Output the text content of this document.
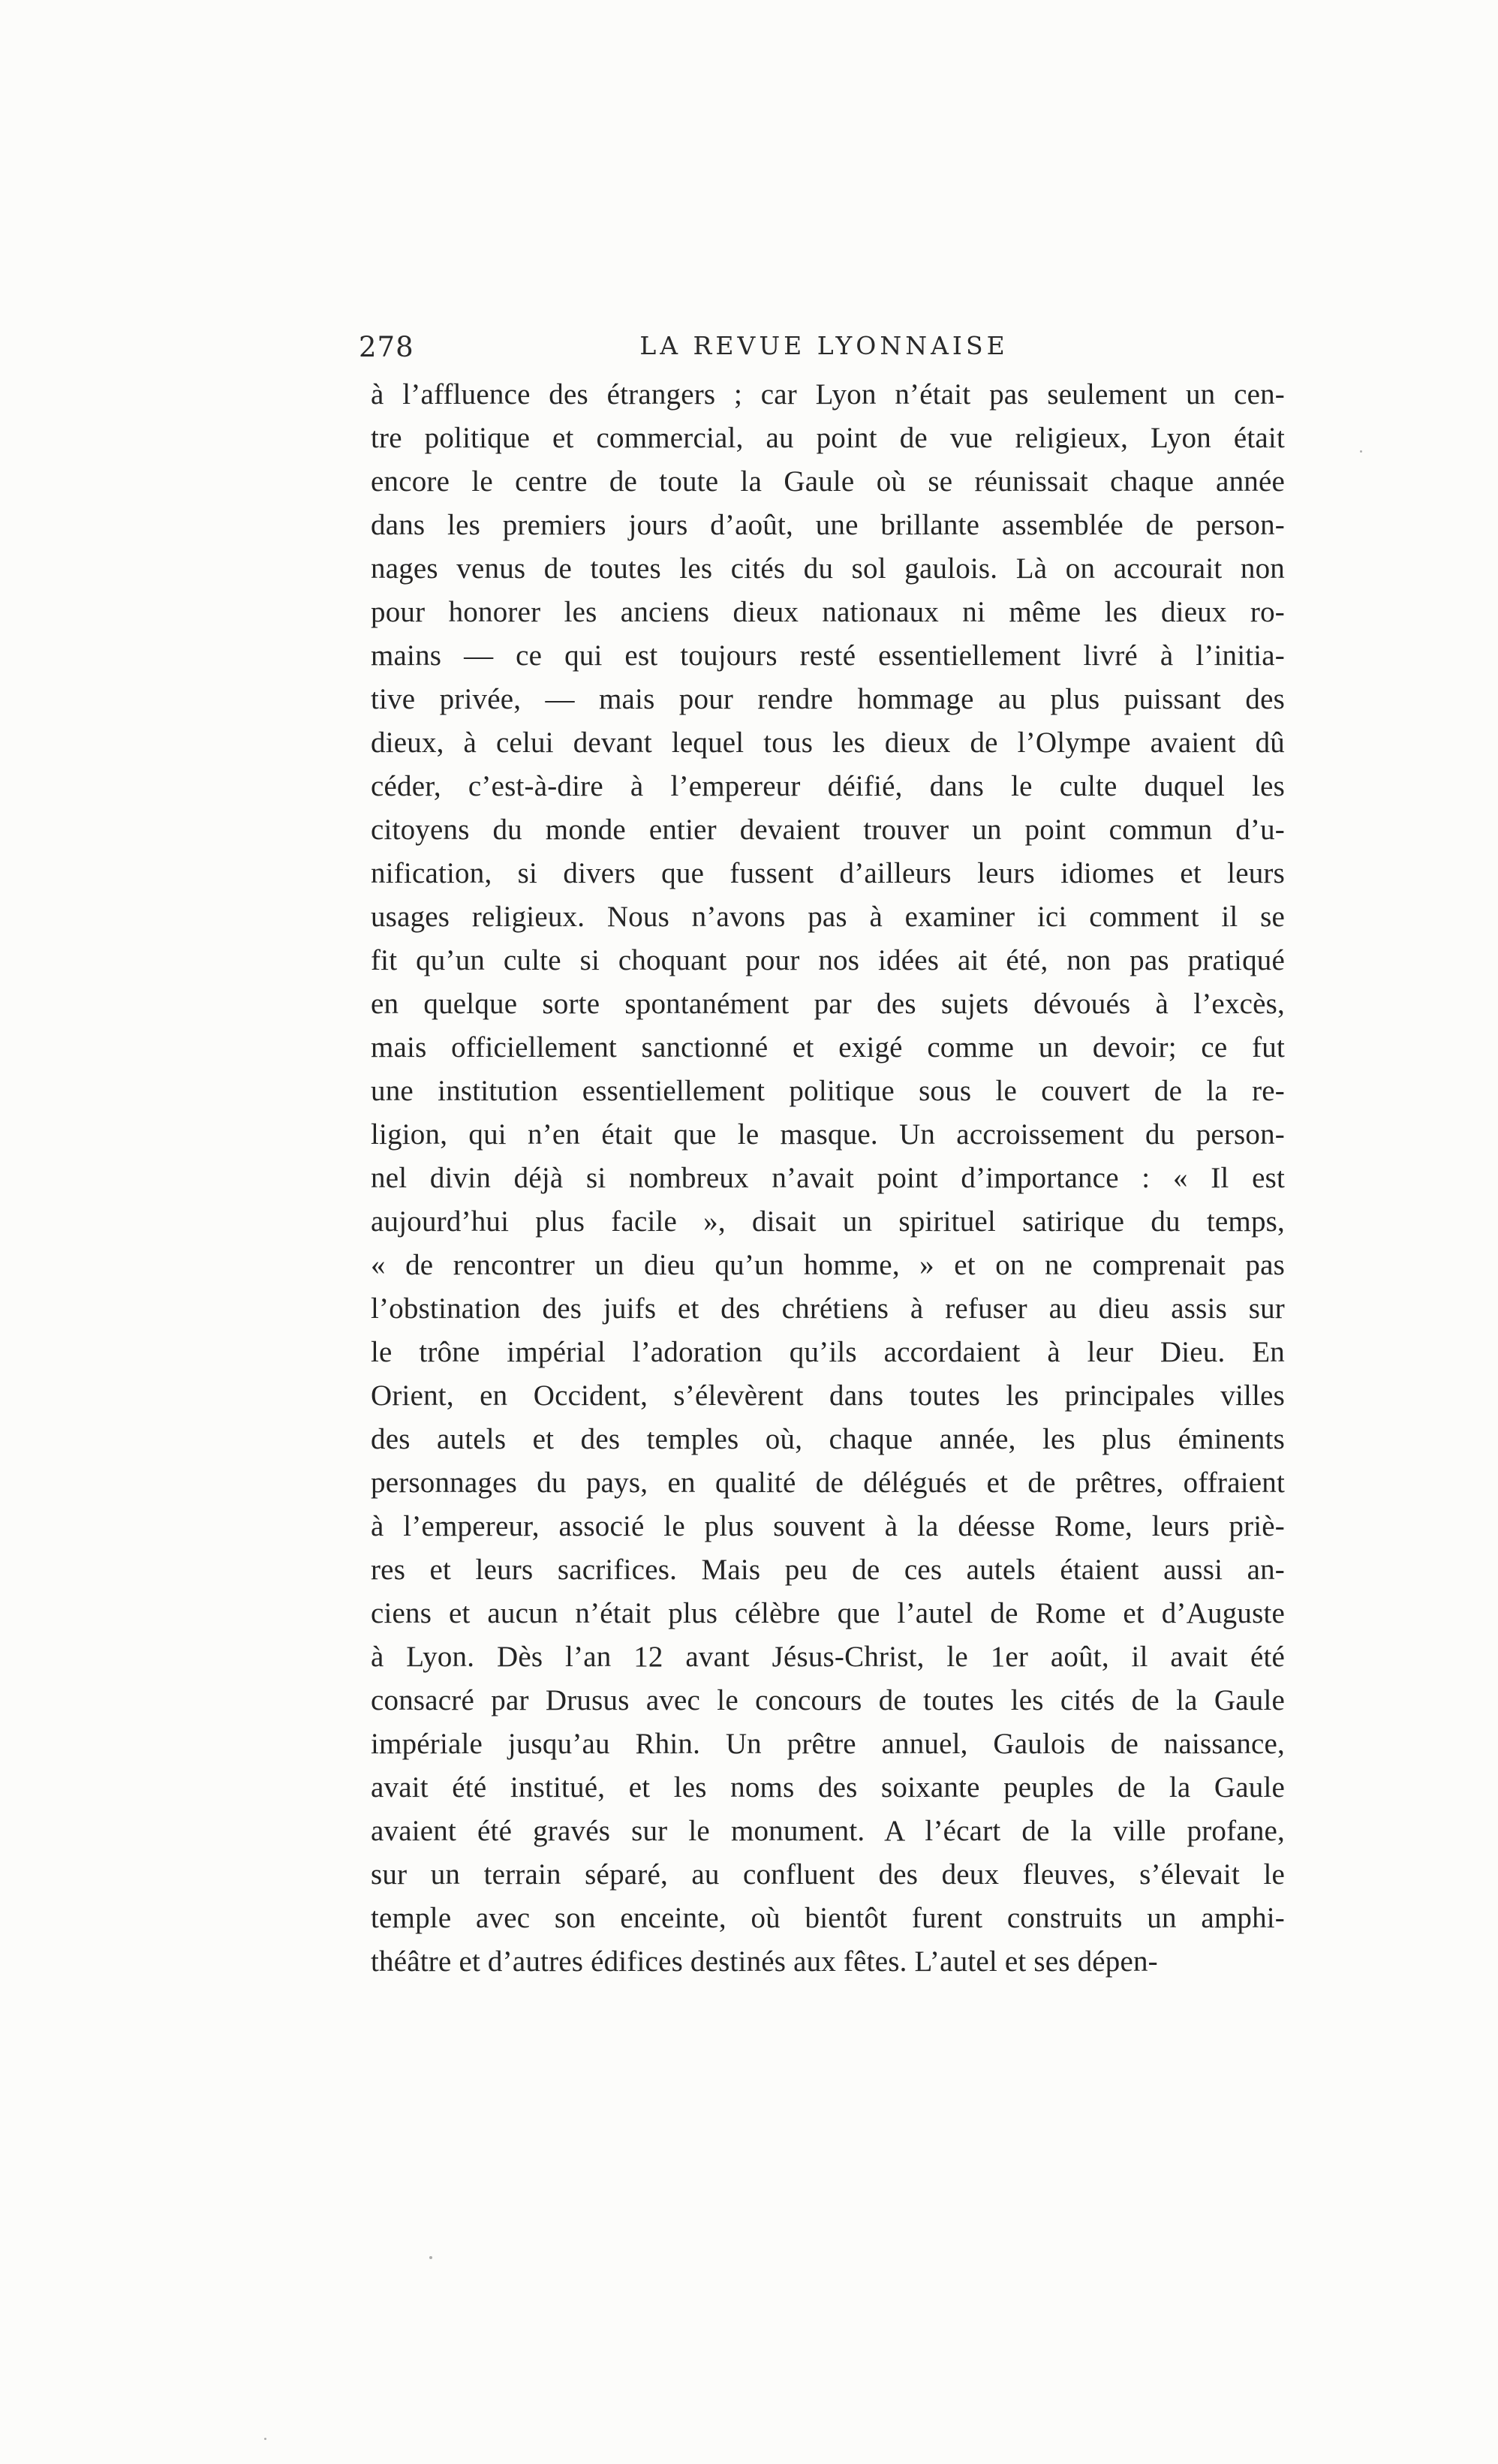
278	LA REVUE LYONNAISE
à l’affluence des étrangers ; car Lyon n’était pas seulement un cen-
tre politique et commercial, au point de vue religieux, Lyon était
encore le centre de toute la Gaule où se réunissait chaque année
dans les premiers jours d’août, une brillante assemblée de person-
nages venus de toutes les cités du sol gaulois. Là on accourait non
pour honorer les anciens dieux nationaux ni même les dieux ro-
mains — ce qui est toujours resté essentiellement livré à l’initia-
tive privée, — mais pour rendre hommage au plus puissant des
dieux, à celui devant lequel tous les dieux de l’Olympe avaient dû
céder, c’est-à-dire à l’empereur déifié, dans le culte duquel les
citoyens du monde entier devaient trouver un point commun d’u-
nification, si divers que fussent d’ailleurs leurs idiomes et leurs
usages religieux. Nous n’avons pas à examiner ici comment il se
fit qu’un culte si choquant pour nos idées ait été, non pas pratiqué
en quelque sorte spontanément par des sujets dévoués à l’excès,
mais officiellement sanctionné et exigé comme un devoir; ce fut
une institution essentiellement politique sous le couvert de la re-
ligion, qui n’en était que le masque. Un accroissement du person-
nel divin déjà si nombreux n’avait point d’importance : « Il est
aujourd’hui plus facile », disait un spirituel satirique du temps,
« de rencontrer un dieu qu’un homme, » et on ne comprenait pas
l’obstination des juifs et des chrétiens à refuser au dieu assis sur
le trône impérial l’adoration qu’ils accordaient à leur Dieu. En
Orient, en Occident, s’élevèrent dans toutes les principales villes
des autels et des temples où, chaque année, les plus éminents
personnages du pays, en qualité de délégués et de prêtres, offraient
à l’empereur, associé le plus souvent à la déesse Rome, leurs priè-
res et leurs sacrifices. Mais peu de ces autels étaient aussi an-
ciens et aucun n’était plus célèbre que l’autel de Rome et d’Auguste
à Lyon. Dès l’an 12 avant Jésus-Christ, le 1er août, il avait été
consacré par Drusus avec le concours de toutes les cités de la Gaule
impériale jusqu’au Rhin. Un prêtre annuel, Gaulois de naissance,
avait été institué, et les noms des soixante peuples de la Gaule
avaient été gravés sur le monument. A l’écart de la ville profane,
sur un terrain séparé, au confluent des deux fleuves, s’élevait le
temple avec son enceinte, où bientôt furent construits un amphi-
théâtre et d’autres édifices destinés aux fêtes. L’autel et ses dépen-
